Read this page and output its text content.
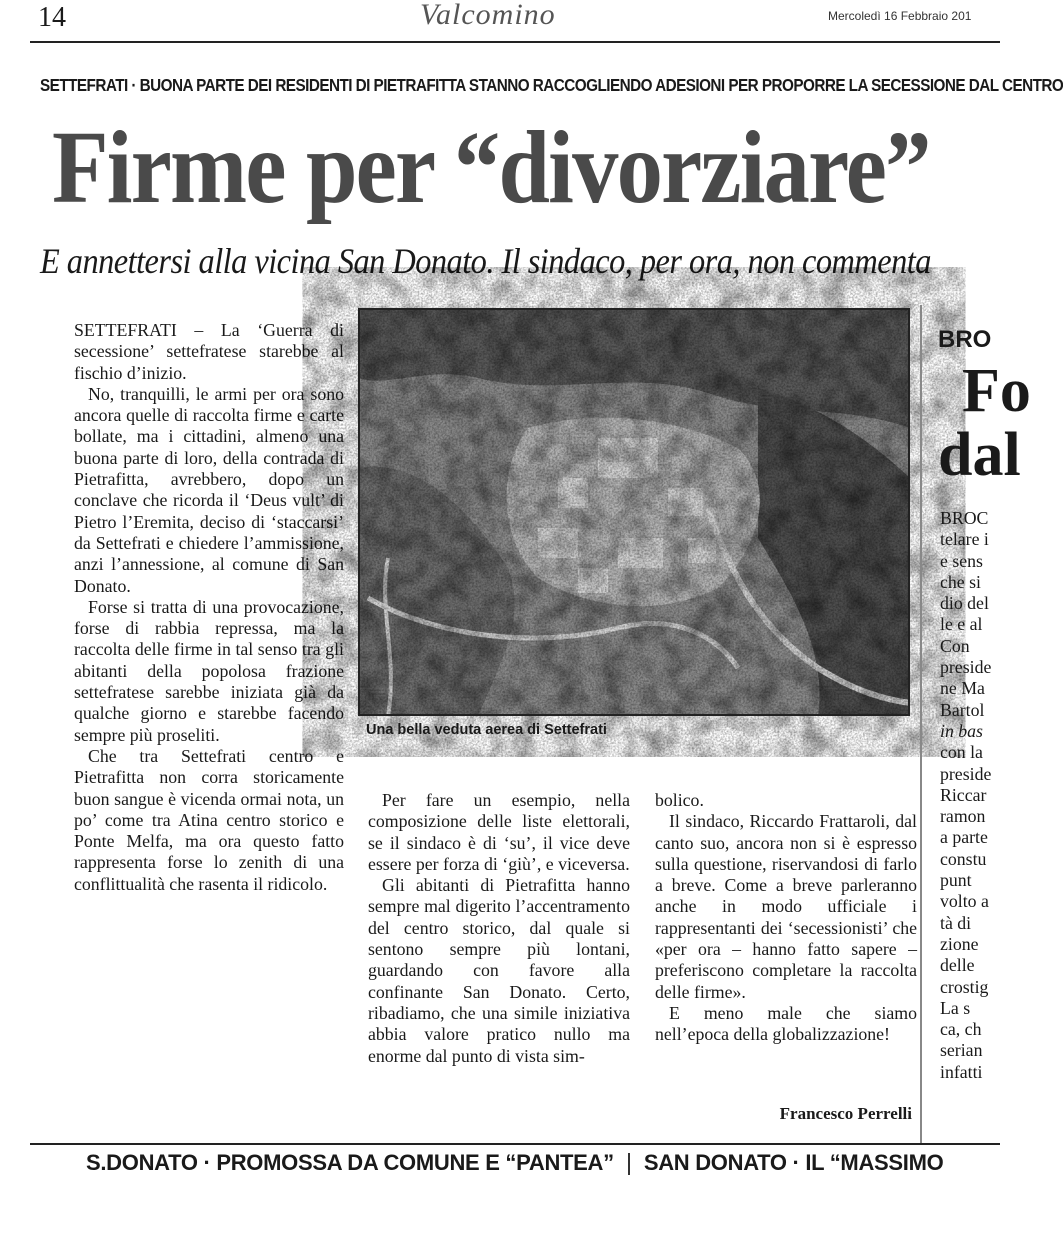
14	Valcomino	Mercoledì 16 Febbraio 201
SETTEFRATI · BUONA PARTE DEI RESIDENTI DI PIETRAFITTA STANNO RACCOGLIENDO ADESIONI PER PROPORRE LA SECESSIONE DAL CENTRO
Firme per “divorziare”
E annettersi alla vicina San Donato. Il sindaco, per ora, non commenta

SETTEFRATI – La ‘Guerra di secessione’ settefratese starebbe al fischio d’inizio.

No, tranquilli, le armi per ora sono ancora quelle di raccolta firme e carte bollate, ma i cittadini, almeno una buona parte di loro, della contrada di Pietrafitta, avrebbero, dopo un conclave che ricorda il ‘Deus vult’ di Pietro l’Eremita, deciso di ‘staccarsi’ da Settefrati e chiedere l’ammissione, anzi l’annessione, al comune di San Donato.

Forse si tratta di una provocazione, forse di rabbia repressa, ma la raccolta delle firme in tal senso tra gli abitanti della popolosa frazione settefratese sarebbe iniziata già da qualche giorno e starebbe facendo sempre più proseliti.

Che tra Settefrati centro e Pietrafitta non corra storicamente buon sangue è vicenda ormai nota, un po’ come tra Atina centro storico e Ponte Melfa, ma ora questo fatto rappresenta forse lo zenith di una conflittualità che rasenta il ridicolo.

Una bella veduta aerea di Settefrati

Per fare un esempio, nella composizione delle liste elettorali, se il sindaco è di ‘su’, il vice deve essere per forza di ‘giù’, e viceversa.

Gli abitanti di Pietrafitta hanno sempre mal digerito l’accentramento del centro storico, dal quale si sentono sempre più lontani, guardando con favore alla confinante San Donato. Certo, ribadiamo, che una simile iniziativa abbia valore pratico nullo ma enorme dal punto di vista sim-

bolico.

Il sindaco, Riccardo Frattaroli, dal canto suo, ancora non si è espresso sulla questione, riservandosi di farlo a breve. Come a breve parleranno anche in modo ufficiale i rappresentanti dei ‘secessionisti’ che «per ora – hanno fatto sapere – preferiscono completare la raccolta delle firme».

E meno male che siamo nell’epoca della globalizzazione!

Francesco Perrelli
BRO
Fo
dal
BROC
telare i
e sens
che si
dio del
le e al
Con
preside
ne Ma
Bartol
in bas
con la
preside
Riccar
ramon
a parte
constu
punt
volto a
tà di
zione
delle
crostig
La s
ca, ch
serian
infatti
S.DONATO · PROMOSSA DA COMUNE E “PANTEA” SAN DONATO · IL “MASSIMO
